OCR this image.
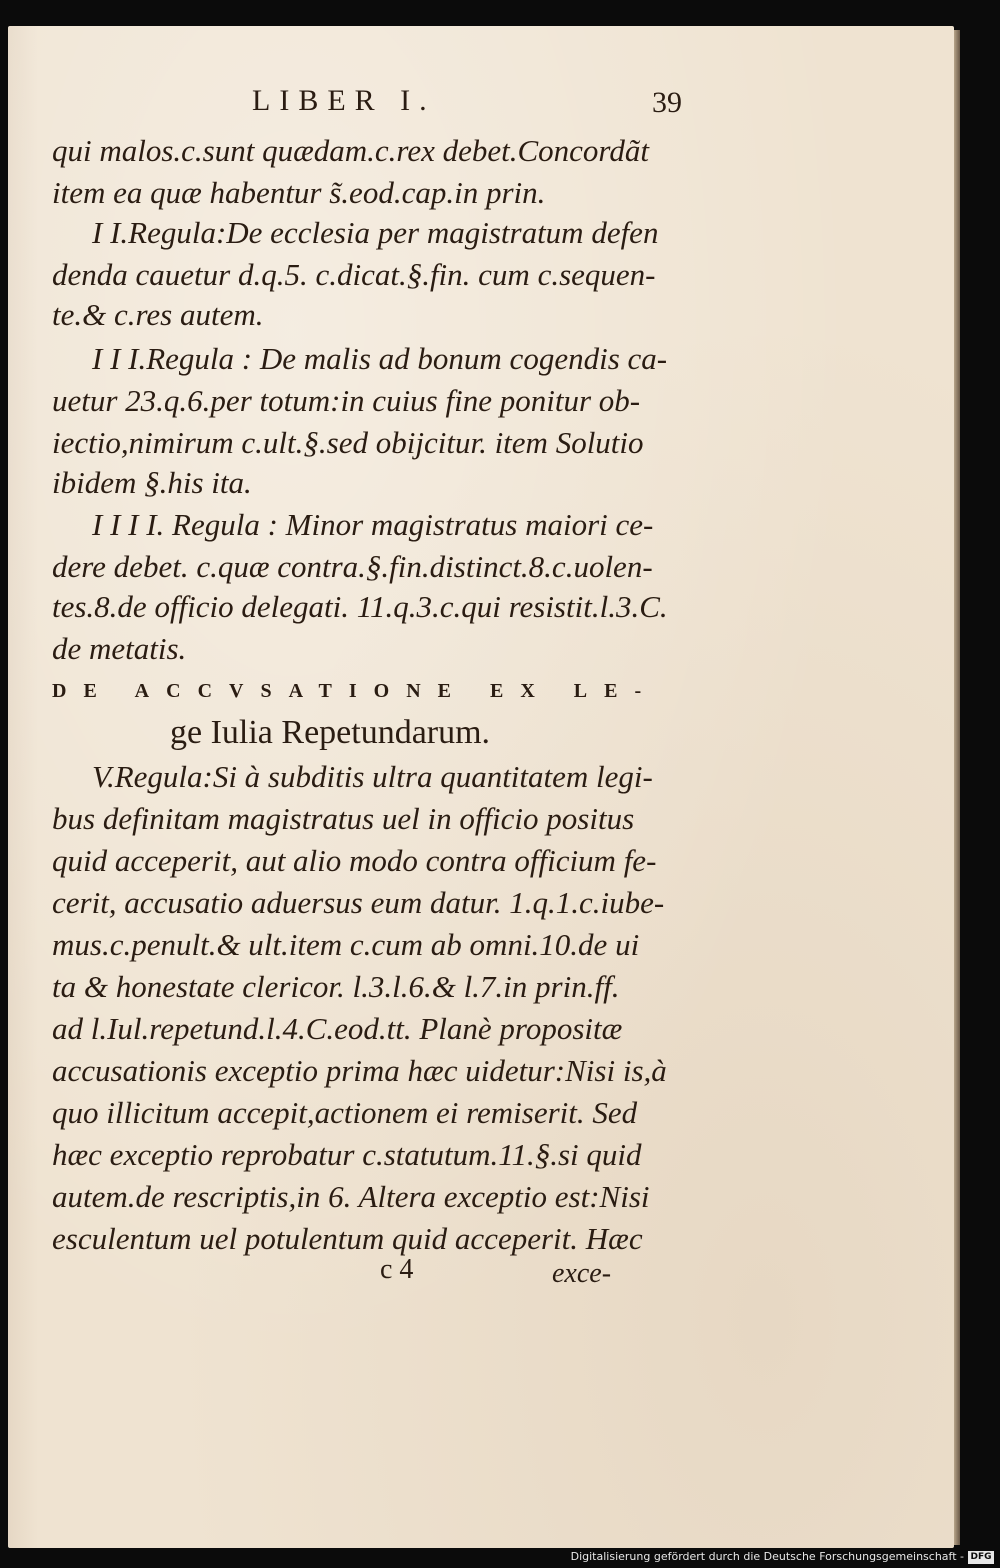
LIBER I.	39
qui malos.c.sunt quædam.c.rex debet.Concordãt
item ea quæ habentur s̃.eod.cap.in prin.
I I.Regula:De ecclesia per magistratum defen
denda cauetur d.q.5. c.dicat.§.fin. cum c.sequen-
te.& c.res autem.
I I I.Regula : De malis ad bonum cogendis ca-
uetur 23.q.6.per totum:in cuius fine ponitur ob-
iectio,nimirum c.ult.§.sed obijcitur. item Solutio
ibidem §.his ita.
I I I I. Regula : Minor magistratus maiori ce-
dere debet. c.quæ contra.§.fin.distinct.8.c.uolen-
tes.8.de officio delegati. 11.q.3.c.qui resistit.l.3.C.
de metatis.
DE ACCVSATIONE EX LE-
ge Iulia Repetundarum.
V.Regula:Si à subditis ultra quantitatem legi-
bus definitam magistratus uel in officio positus
quid acceperit, aut alio modo contra officium fe-
cerit, accusatio aduersus eum datur. 1.q.1.c.iube-
mus.c.penult.& ult.item c.cum ab omni.10.de ui
ta & honestate clericor. l.3.l.6.& l.7.in prin.ff.
ad l.Iul.repetund.l.4.C.eod.tt. Planè propositæ
accusationis exceptio prima hæc uidetur:Nisi is,à
quo illicitum accepit,actionem ei remiserit. Sed
hæc exceptio reprobatur c.statutum.11.§.si quid
autem.de rescriptis,in 6. Altera exceptio est:Nisi
esculentum uel potulentum quid acceperit. Hæc
c 4	exce-
Digitalisierung gefördert durch die Deutsche Forschungsgemeinschaft - DFG
